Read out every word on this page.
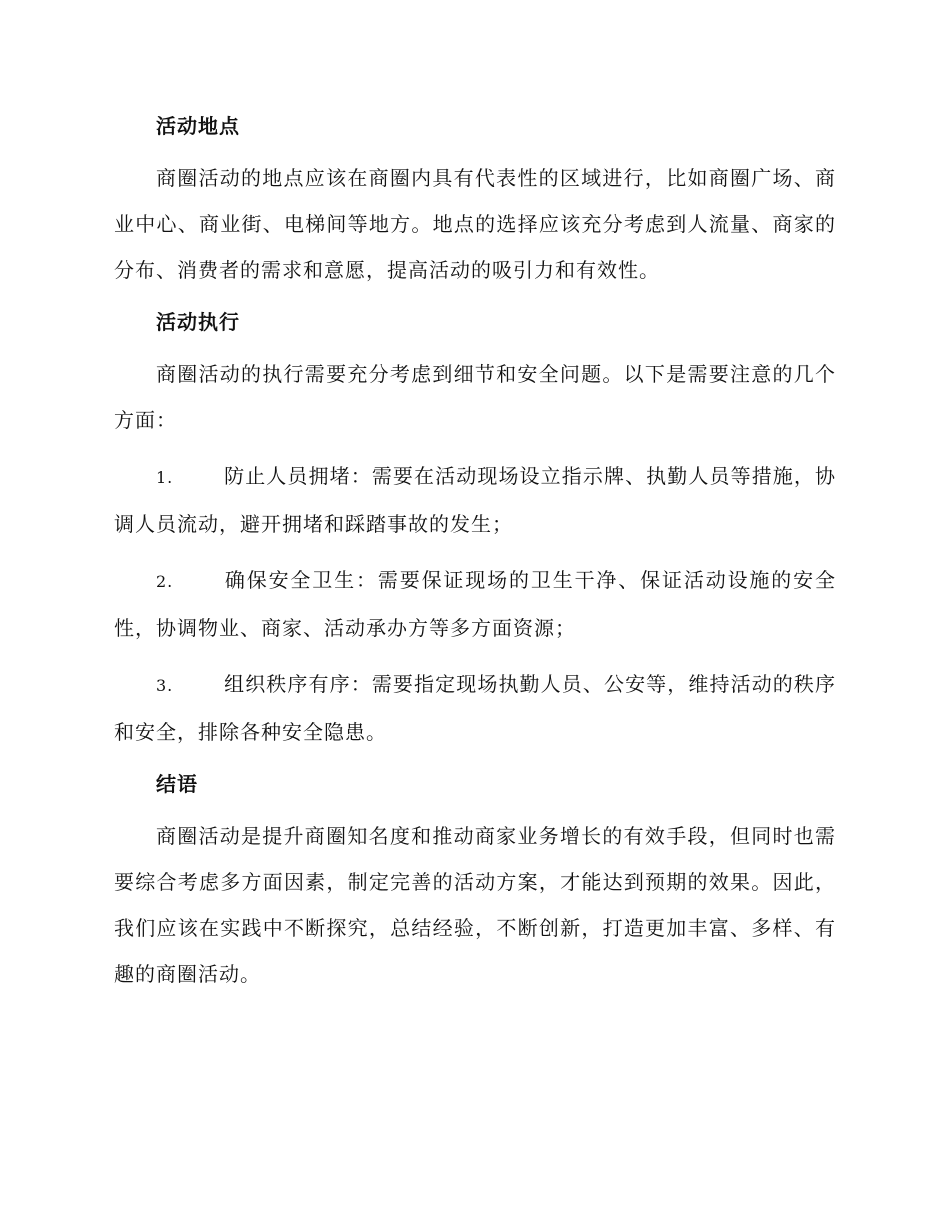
活动地点

商圈活动的地点应该在商圈内具有代表性的区域进行，比如商圈广场、商业中心、商业街、电梯间等地方。地点的选择应该充分考虑到人流量、商家的分布、消费者的需求和意愿，提高活动的吸引力和有效性。

活动执行

商圈活动的执行需要充分考虑到细节和安全问题。以下是需要注意的几个方面：

1.	防止人员拥堵：需要在活动现场设立指示牌、执勤人员等措施，协调人员流动，避开拥堵和踩踏事故的发生；

2.	确保安全卫生：需要保证现场的卫生干净、保证活动设施的安全性，协调物业、商家、活动承办方等多方面资源；

3.	组织秩序有序：需要指定现场执勤人员、公安等，维持活动的秩序和安全，排除各种安全隐患。

结语

商圈活动是提升商圈知名度和推动商家业务增长的有效手段，但同时也需要综合考虑多方面因素，制定完善的活动方案，才能达到预期的效果。因此，我们应该在实践中不断探究，总结经验，不断创新，打造更加丰富、多样、有趣的商圈活动。
